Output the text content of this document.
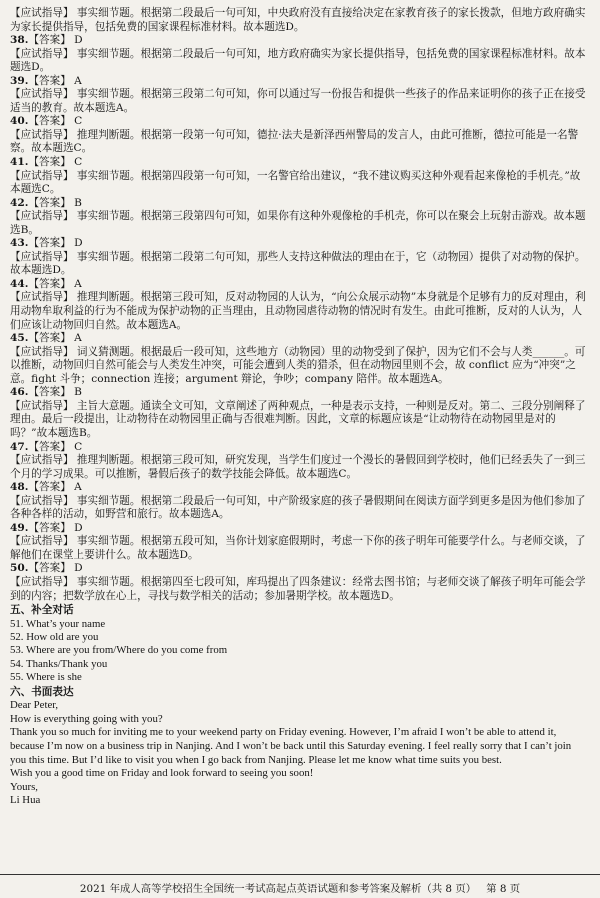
【应试指导】 事实细节题。根据第二段最后一句可知，中央政府没有直接给决定在家教育孩子的家长拨款，但地方政府确实为家长提供指导，包括免费的国家课程标准材料。故本题选D。
38.【答案】 D
【应试指导】 事实细节题。根据第二段最后一句可知，地方政府确实为家长提供指导，包括免费的国家课程标准材料。故本题选D。
39.【答案】 A
【应试指导】 事实细节题。根据第三段第二句可知，你可以通过写一份报告和提供一些孩子的作品来证明你的孩子正在接受适当的教育。故本题选A。
40.【答案】 C
【应试指导】 推理判断题。根据第一段第一句可知，德拉·法夫是新泽西州警局的发言人，由此可推断，德拉可能是一名警察。故本题选C。
41.【答案】 C
【应试指导】 事实细节题。根据第四段第一句可知，一名警官给出建议，“我不建议购买这种外观看起来像枪的手机壳。”故本题选C。
42.【答案】 B
【应试指导】 事实细节题。根据第三段第四句可知，如果你有这种外观像枪的手机壳，你可以在聚会上玩射击游戏。故本题选B。
43.【答案】 D
【应试指导】 事实细节题。根据第二段第二句可知，那些人支持这种做法的理由在于，它（动物园）提供了对动物的保护。故本题选D。
44.【答案】 A
【应试指导】 推理判断题。根据第三段可知，反对动物园的人认为，“向公众展示动物”本身就是个足够有力的反对理由，利用动物牟取利益的行为不能成为保护动物的正当理由，且动物园虐待动物的情况时有发生。由此可推断，反对的人认为，人们应该让动物回归自然。故本题选A。
45.【答案】 A
【应试指导】 词义猜测题。根据最后一段可知，这些地方（动物园）里的动物受到了保护，因为它们不会与人类______。可以推断，动物回归自然可能会与人类发生冲突，可能会遭到人类的猎杀，但在动物园里则不会，故 conflict 应为“冲突”之意。fight 斗争；connection 连接；argument 辩论，争吵；company 陪伴。故本题选A。
46.【答案】 B
【应试指导】 主旨大意题。通读全文可知，文章阐述了两种观点，一种是表示支持，一种则是反对。第二、三段分别阐释了理由。最后一段提出，让动物待在动物园里正确与否很难判断。因此，文章的标题应该是“让动物待在动物园里是对的吗？”故本题选B。
47.【答案】 C
【应试指导】 推理判断题。根据第三段可知，研究发现，当学生们度过一个漫长的暑假回到学校时，他们已经丢失了一到三个月的学习成果。可以推断，暑假后孩子的数学技能会降低。故本题选C。
48.【答案】 A
【应试指导】 事实细节题。根据第二段最后一句可知，中产阶级家庭的孩子暑假期间在阅读方面学到更多是因为他们参加了各种各样的活动，如野营和旅行。故本题选A。
49.【答案】 D
【应试指导】 事实细节题。根据第五段可知，当你计划家庭假期时，考虑一下你的孩子明年可能要学什么。与老师交谈，了解他们在课堂上要讲什么。故本题选D。
50.【答案】 D
【应试指导】 事实细节题。根据第四至七段可知，库玛提出了四条建议：经常去图书馆；与老师交谈了解孩子明年可能会学到的内容；把数学放在心上，寻找与数学相关的活动；参加暑期学校。故本题选D。
五、补全对话
51. What’s your name
52. How old are you
53. Where are you from/Where do you come from
54. Thanks/Thank you
55. Where is she
六、书面表达
Dear Peter,
How is everything going with you?
Thank you so much for inviting me to your weekend party on Friday evening. However, I’m afraid I won’t be able to attend it, because I’m now on a business trip in Nanjing. And I won’t be back until this Saturday evening. I feel really sorry that I can’t join you this time. But I’d like to visit you when I go back from Nanjing. Please let me know what time suits you best.
Wish you a good time on Friday and look forward to seeing you soon!
Yours,
Li Hua
2021 年成人高等学校招生全国统一考试高起点英语试题和参考答案及解析（共 8 页） 第 8 页
